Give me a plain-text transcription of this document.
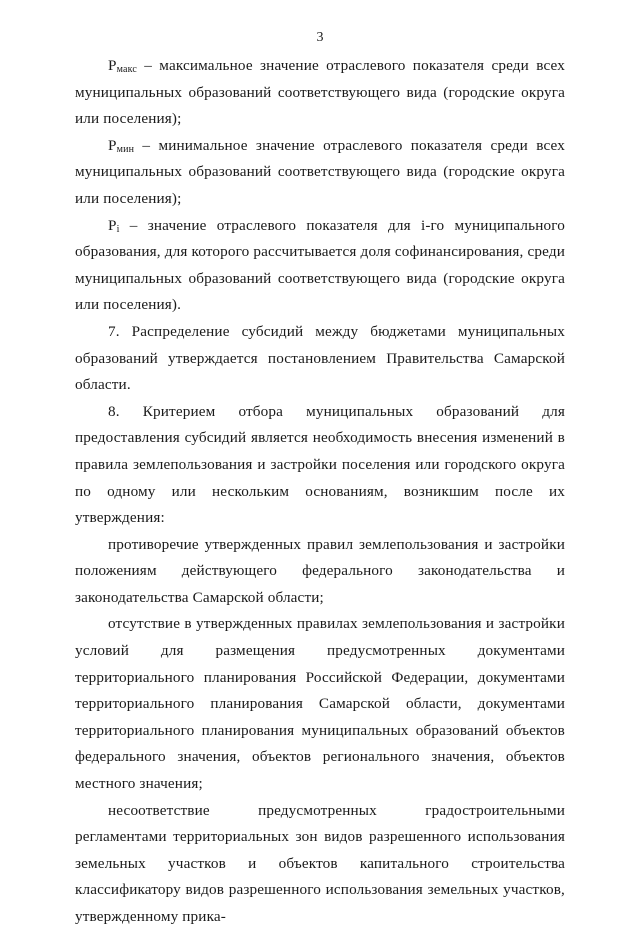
3

$P_{макс}$ – максимальное значение отраслевого показателя среди всех муниципальных образований соответствующего вида (городские округа или поселения);

$P_{мин}$ – минимальное значение отраслевого показателя среди всех муниципальных образований соответствующего вида (городские округа или поселения);

$P_i$ – значение отраслевого показателя для i-го муниципального образования, для которого рассчитывается доля софинансирования, среди муниципальных образований соответствующего вида (городские округа или поселения).

7. Распределение субсидий между бюджетами муниципальных образований утверждается постановлением Правительства Самарской области.

8. Критерием отбора муниципальных образований для предоставления субсидий является необходимость внесения изменений в правила землепользования и застройки поселения или городского округа по одному или нескольким основаниям, возникшим после их утверждения:

противоречие утвержденных правил землепользования и застройки положениям действующего федерального законодательства и законодательства Самарской области;

отсутствие в утвержденных правилах землепользования и застройки условий для размещения предусмотренных документами территориального планирования Российской Федерации, документами территориального планирования Самарской области, документами территориального планирования муниципальных образований объектов федерального значения, объектов регионального значения, объектов местного значения;

несоответствие предусмотренных градостроительными регламентами территориальных зон видов разрешенного использования земельных участков и объектов капитального строительства классификатору видов разрешенного использования земельных участков, утвержденному прика-
